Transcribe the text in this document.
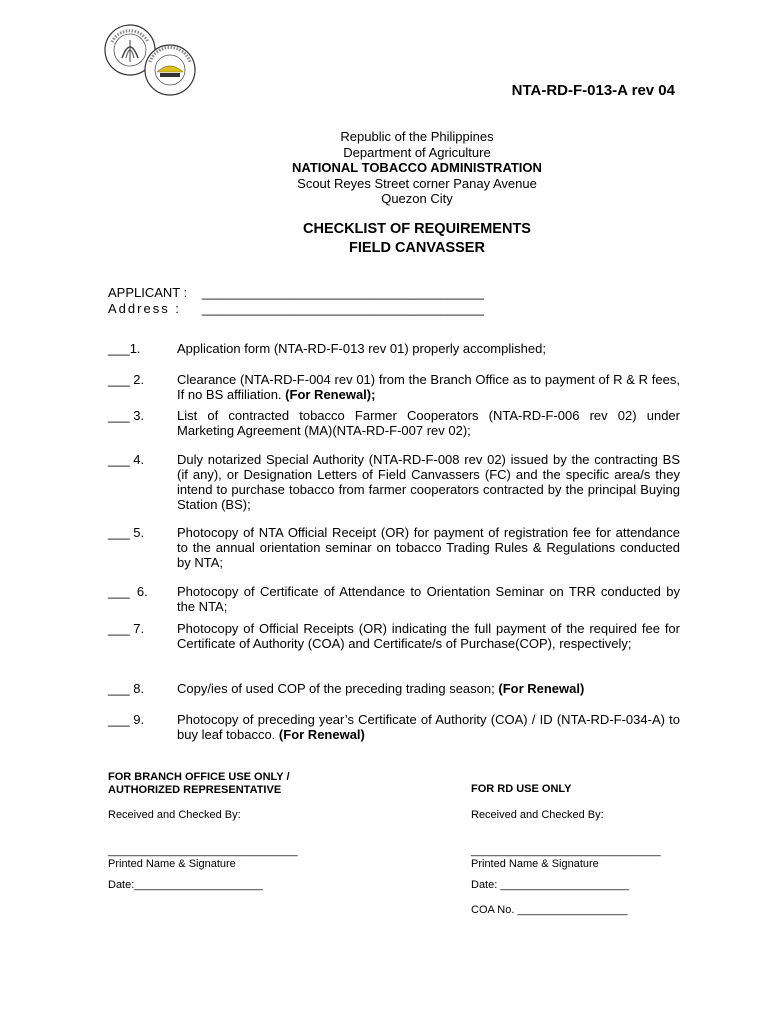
NTA-RD-F-013-A rev 04
Republic of the Philippines
Department of Agriculture
NATIONAL TOBACCO ADMINISTRATION
Scout Reyes Street corner Panay Avenue
Quezon City
CHECKLIST OF REQUIREMENTS
FIELD CANVASSER
APPLICANT : _______________________________________
Address : _______________________________________
___1.	Application form (NTA-RD-F-013 rev 01) properly accomplished;
___ 2.	Clearance (NTA-RD-F-004 rev 01) from the Branch Office as to payment of R & R fees, If no BS affiliation. (For Renewal);
___ 3.	List of contracted tobacco Farmer Cooperators (NTA-RD-F-006 rev 02) under Marketing Agreement (MA)(NTA-RD-F-007 rev 02);
___ 4.	Duly notarized Special Authority (NTA-RD-F-008 rev 02) issued by the contracting BS (if any), or Designation Letters of Field Canvassers (FC) and the specific area/s they intend to purchase tobacco from farmer cooperators contracted by the principal Buying Station (BS);
___ 5.	Photocopy of NTA Official Receipt (OR) for payment of registration fee for attendance to the annual orientation seminar on tobacco Trading Rules & Regulations conducted by NTA;
___  6. Photocopy of Certificate of Attendance to Orientation Seminar on TRR conducted by the NTA;
___ 7.	Photocopy of Official Receipts (OR) indicating the full payment of the required fee for Certificate of Authority (COA) and Certificate/s of Purchase(COP), respectively;
___ 8.	Copy/ies of used COP of the preceding trading season; (For Renewal)
___ 9.	Photocopy of preceding year’s Certificate of Authority (COA) / ID (NTA-RD-F-034-A) to buy leaf tobacco. (For Renewal)
FOR BRANCH OFFICE USE ONLY /
AUTHORIZED REPRESENTATIVE
Received and Checked By:
_______________________________
Printed Name & Signature
Date:_____________________
FOR RD USE ONLY
Received and Checked By:
_______________________________
Printed Name & Signature
Date: _____________________
COA No. __________________
